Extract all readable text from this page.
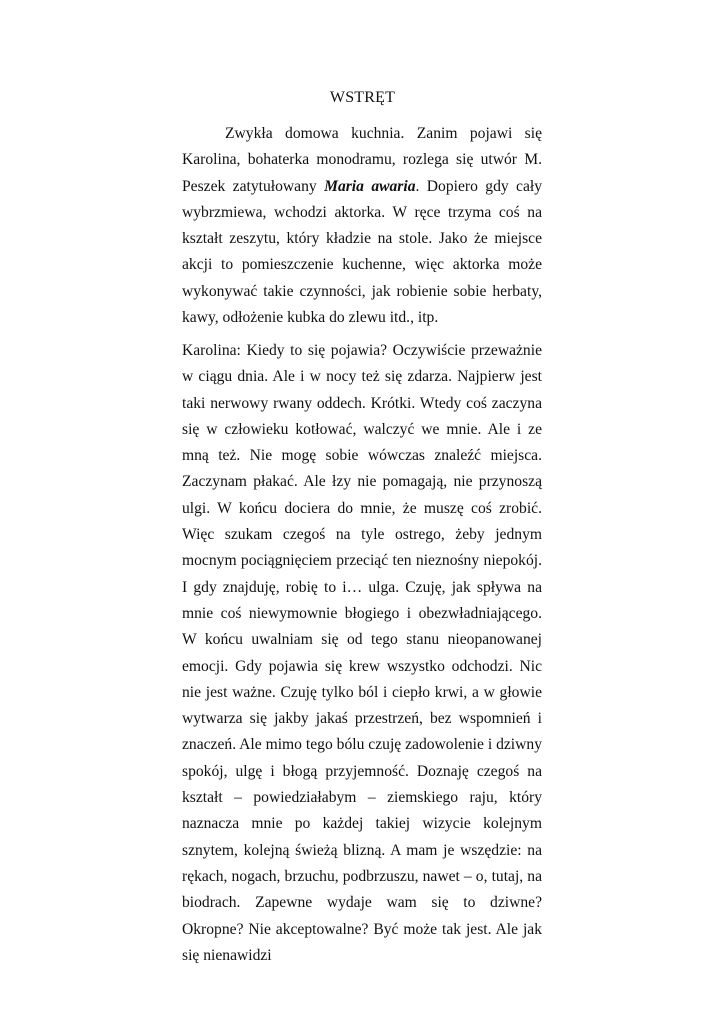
WSTRĘT

Zwykła domowa kuchnia. Zanim pojawi się Karolina, bohaterka monodramu, rozlega się utwór M. Peszek zatytułowany Maria awaria. Dopiero gdy cały wybrzmiewa, wchodzi aktorka. W ręce trzyma coś na kształt zeszytu, który kładzie na stole. Jako że miejsce akcji to pomieszczenie kuchenne, więc aktorka może wykonywać takie czynności, jak robienie sobie herbaty, kawy, odłożenie kubka do zlewu itd., itp.

Karolina: Kiedy to się pojawia? Oczywiście przeważnie w ciągu dnia. Ale i w nocy też się zdarza. Najpierw jest taki nerwowy rwany oddech. Krótki. Wtedy coś zaczyna się w człowieku kotłować, walczyć we mnie. Ale i ze mną też. Nie mogę sobie wówczas znaleźć miejsca. Zaczynam płakać. Ale łzy nie pomagają, nie przynoszą ulgi. W końcu dociera do mnie, że muszę coś zrobić. Więc szukam czegoś na tyle ostrego, żeby jednym mocnym pociągnięciem przeciąć ten nieznośny niepokój. I gdy znajduję, robię to i… ulga. Czuję, jak spływa na mnie coś niewymownie błogiego i obezwładniającego. W końcu uwalniam się od tego stanu nieopanowanej emocji. Gdy pojawia się krew wszystko odchodzi. Nic nie jest ważne. Czuję tylko ból i ciepło krwi, a w głowie wytwarza się jakby jakaś przestrzeń, bez wspomnień i znaczeń. Ale mimo tego bólu czuję zadowolenie i dziwny spokój, ulgę i błogą przyjemność. Doznaję czegoś na kształt – powiedziałabym – ziemskiego raju, który naznacza mnie po każdej takiej wizycie kolejnym sznytem, kolejną świeżą blizną. A mam je wszędzie: na rękach, nogach, brzuchu, podbrzuszu, nawet – o, tutaj, na biodrach. Zapewne wydaje wam się to dziwne? Okropne? Nie akceptowalne? Być może tak jest. Ale jak się nienawidzi
